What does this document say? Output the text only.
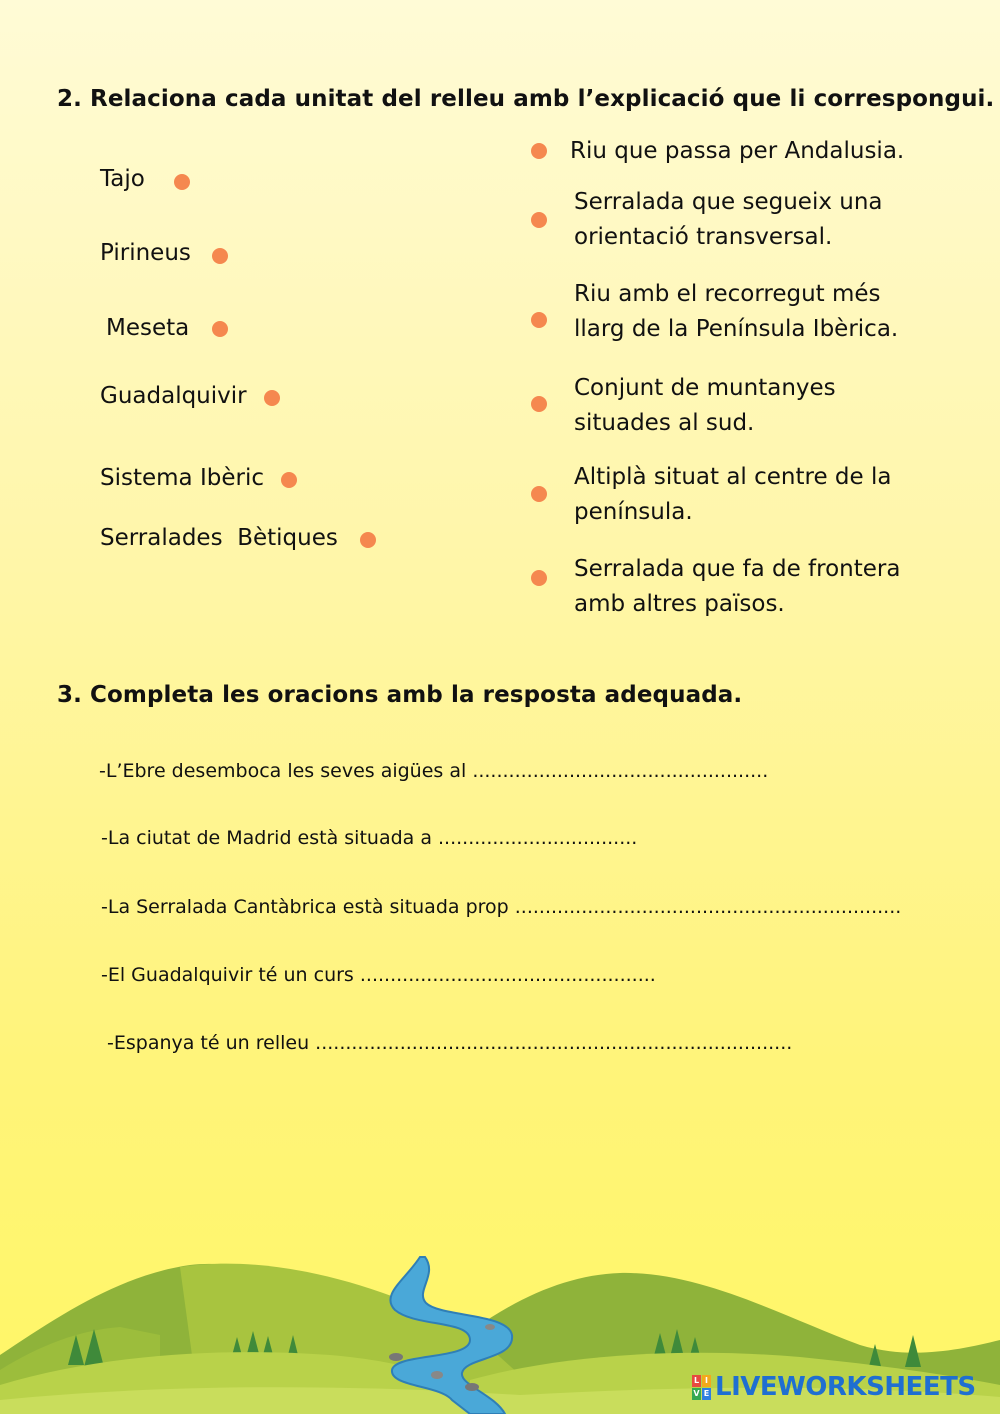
2. Relaciona cada unitat del relleu amb l’explicació que li correspongui.
Tajo
Pirineus
Meseta
Guadalquivir
Sistema Ibèric
Serralades  Bètiques
Riu que passa per Andalusia.
Serralada que segueix una orientació transversal.
Riu amb el recorregut més llarg de la Península Ibèrica.
Conjunt de muntanyes situades al sud.
Altiplà situat al centre de la península.
Serralada que fa de frontera amb altres països.
3. Completa les oracions amb la resposta adequada.
-L’Ebre desemboca les seves aigües al .................................................
-La ciutat de Madrid està situada a .................................
-La Serralada Cantàbrica està situada prop ................................................................
-El Guadalquivir té un curs .................................................
-Espanya té un relleu ...............................................................................
L I
V E LIVEWORKSHEETS
